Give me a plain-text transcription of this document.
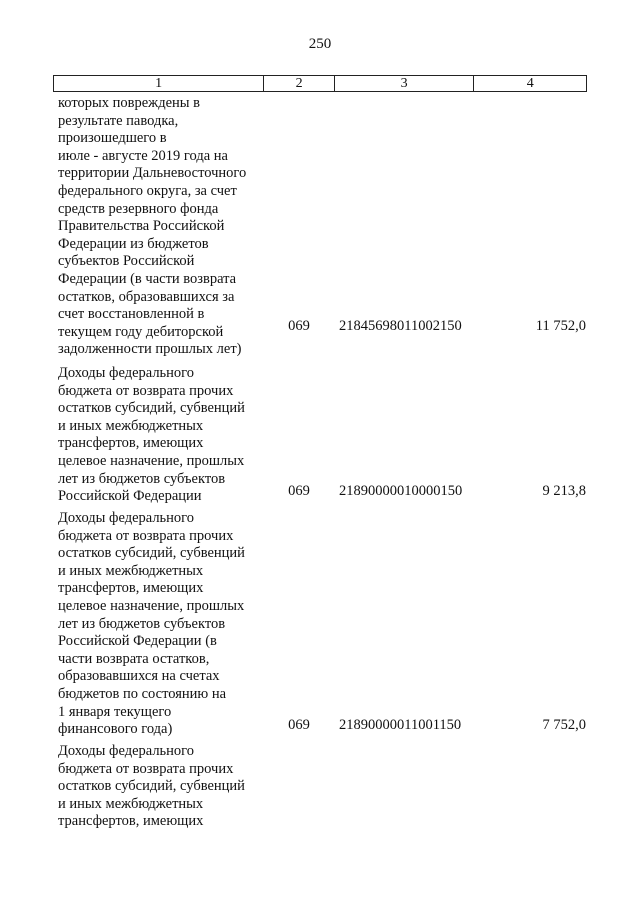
250
1	2	3	4
которых повреждены в
результате паводка,
произошедшего в
июле - августе 2019 года на
территории Дальневосточного
федерального округа, за счет
средств резервного фонда
Правительства Российской
Федерации из бюджетов
субъектов Российской
Федерации (в части возврата
остатков, образовавшихся за
счет восстановленной в
текущем году дебиторской
задолженности прошлых лет)
069 21845698011002150	11 752,0
Доходы федерального
бюджета от возврата прочих
остатков субсидий, субвенций
и иных межбюджетных
трансфертов, имеющих
целевое назначение, прошлых
лет из бюджетов субъектов
Российской Федерации	069 21890000010000150	9 213,8
Доходы федерального
бюджета от возврата прочих
остатков субсидий, субвенций
и иных межбюджетных
трансфертов, имеющих
целевое назначение, прошлых
лет из бюджетов субъектов
Российской Федерации (в
части возврата остатков,
образовавшихся на счетах
бюджетов по состоянию на
1 января текущего
финансового года)	069 21890000011001150	7 752,0
Доходы федерального
бюджета от возврата прочих
остатков субсидий, субвенций
и иных межбюджетных
трансфертов, имеющих
